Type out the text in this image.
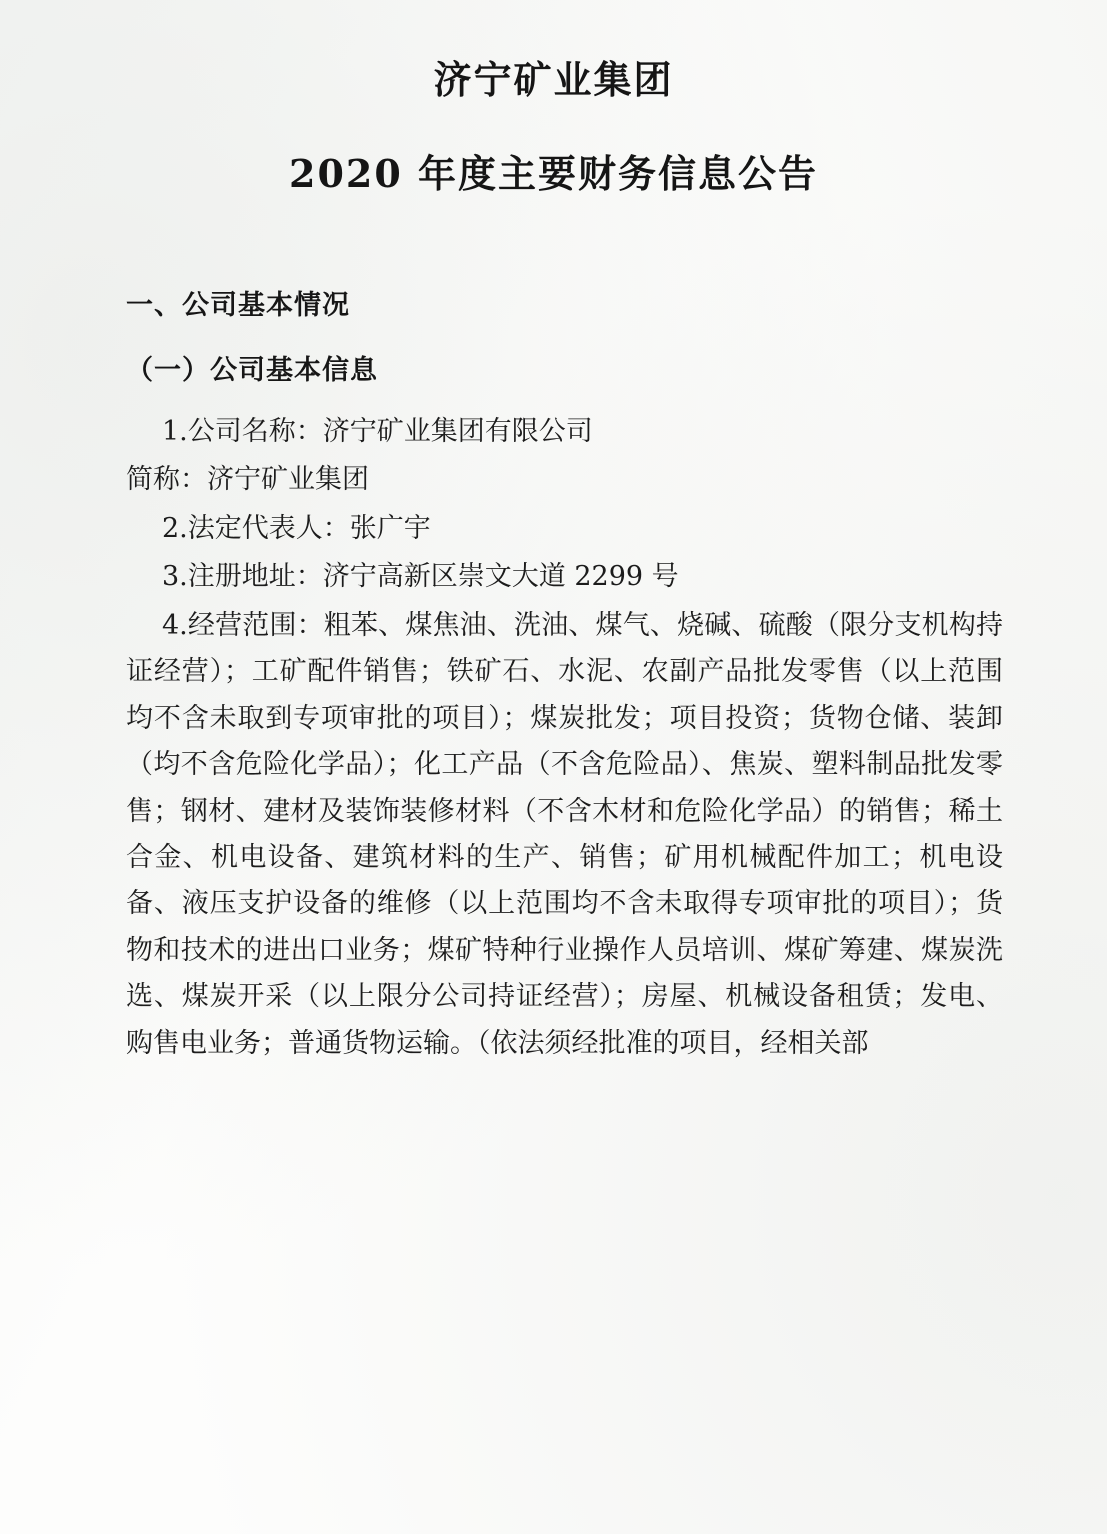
济宁矿业集团
2020 年度主要财务信息公告
一、公司基本情况
（一）公司基本信息

1.公司名称：济宁矿业集团有限公司

简称：济宁矿业集团

2.法定代表人：张广宇

3.注册地址：济宁高新区崇文大道 2299 号

4.经营范围：粗苯、煤焦油、洗油、煤气、烧碱、硫酸（限分支机构持证经营）；工矿配件销售；铁矿石、水泥、农副产品批发零售（以上范围均不含未取到专项审批的项目）；煤炭批发；项目投资；货物仓储、装卸（均不含危险化学品）；化工产品（不含危险品）、焦炭、塑料制品批发零售；钢材、建材及装饰装修材料（不含木材和危险化学品）的销售；稀土合金、机电设备、建筑材料的生产、销售；矿用机械配件加工；机电设备、液压支护设备的维修（以上范围均不含未取得专项审批的项目）；货物和技术的进出口业务；煤矿特种行业操作人员培训、煤矿筹建、煤炭洗选、煤炭开采（以上限分公司持证经营）；房屋、机械设备租赁；发电、购售电业务；普通货物运输。（依法须经批准的项目，经相关部
